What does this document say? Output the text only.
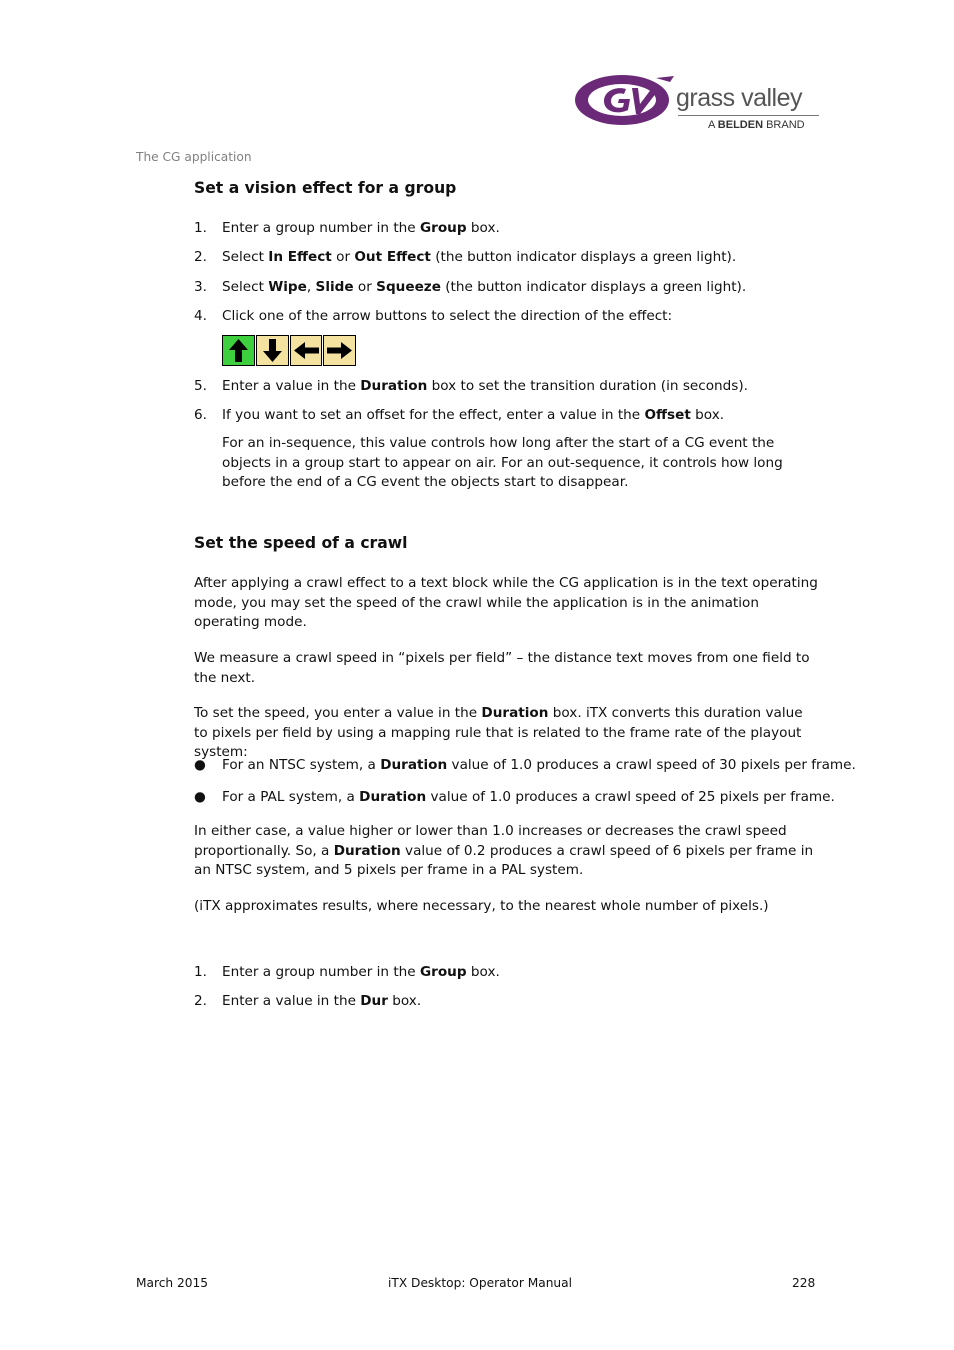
grass valley
A BELDEN BRAND
The CG application
Set a vision effect for a group
1.	Enter a group number in the Group box.
2.	Select In Effect or Out Effect (the button indicator displays a green light).
3.	Select Wipe, Slide or Squeeze (the button indicator displays a green light).
4.	Click one of the arrow buttons to select the direction of the effect:
5.	Enter a value in the Duration box to set the transition duration (in seconds).
6.	If you want to set an offset for the effect, enter a value in the Offset box.
For an in-sequence, this value controls how long after the start of a CG event the objects in a group start to appear on air. For an out-sequence, it controls how long before the end of a CG event the objects start to disappear.
Set the speed of a crawl
After applying a crawl effect to a text block while the CG application is in the text operating mode, you may set the speed of the crawl while the application is in the animation operating mode.
We measure a crawl speed in “pixels per field” – the distance text moves from one field to the next.
To set the speed, you enter a value in the Duration box. iTX converts this duration value to pixels per field by using a mapping rule that is related to the frame rate of the playout system:
● For an NTSC system, a Duration value of 1.0 produces a crawl speed of 30 pixels per frame.
● For a PAL system, a Duration value of 1.0 produces a crawl speed of 25 pixels per frame.
In either case, a value higher or lower than 1.0 increases or decreases the crawl speed proportionally. So, a Duration value of 0.2 produces a crawl speed of 6 pixels per frame in an NTSC system, and 5 pixels per frame in a PAL system.
(iTX approximates results, where necessary, to the nearest whole number of pixels.)
1.	Enter a group number in the Group box.
2.	Enter a value in the Dur box.
March 2015	iTX Desktop: Operator Manual	228
